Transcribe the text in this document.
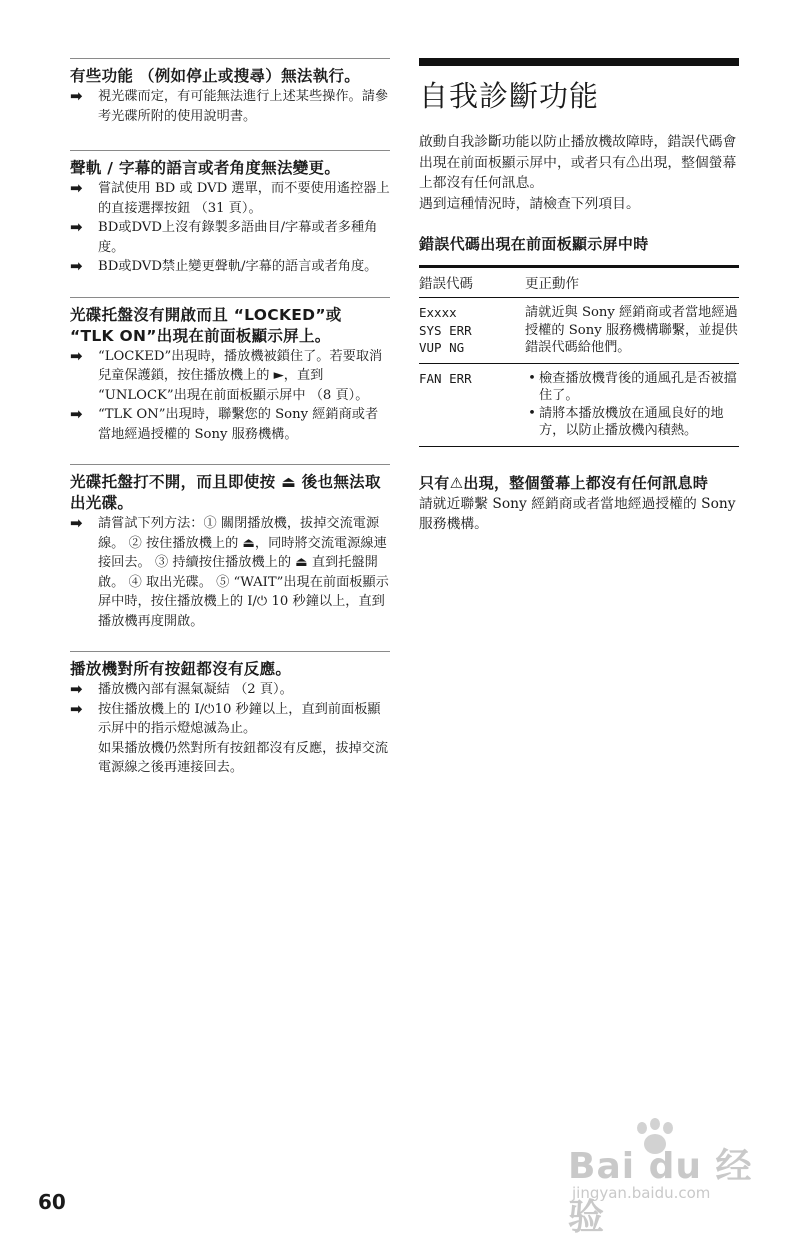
有些功能 （例如停止或搜尋）無法執行。
➡	視光碟而定，有可能無法進行上述某些操作。請參考光碟所附的使用說明書。
聲軌 / 字幕的語言或者角度無法變更。
➡	嘗試使用 BD 或 DVD 選單，而不要使用遙控器上的直接選擇按鈕 （31 頁）。
➡	BD或DVD上沒有錄製多語曲目/字幕或者多種角度。
➡	BD或DVD禁止變更聲軌/字幕的語言或者角度。
光碟托盤沒有開啟而且 “LOCKED”或 “TLK ON”出現在前面板顯示屏上。
➡	“LOCKED”出現時，播放機被鎖住了。若要取消兒童保護鎖，按住播放機上的 ►，直到 “UNLOCK”出現在前面板顯示屏中 （8 頁）。
➡	“TLK ON”出現時，聯繫您的 Sony 經銷商或者當地經過授權的 Sony 服務機構。
光碟托盤打不開，而且即使按 ⏏ 後也無法取出光碟。
➡	請嘗試下列方法：① 關閉播放機，拔掉交流電源線。 ② 按住播放機上的 ⏏，同時將交流電源線連接回去。 ③ 持續按住播放機上的 ⏏ 直到托盤開啟。 ④ 取出光碟。 ⑤ “WAIT”出現在前面板顯示屏中時，按住播放機上的 Ⅰ/⏻ 10 秒鐘以上，直到播放機再度開啟。
播放機對所有按鈕都沒有反應。
➡	播放機內部有濕氣凝結 （2 頁）。
➡	按住播放機上的 Ⅰ/⏻10 秒鐘以上，直到前面板顯示屏中的指示燈熄滅為止。
如果播放機仍然對所有按鈕都沒有反應，拔掉交流電源線之後再連接回去。
自我診斷功能
啟動自我診斷功能以防止播放機故障時，錯誤代碼會出現在前面板顯示屏中，或者只有⚠出現，整個螢幕上都沒有任何訊息。
遇到這種情況時，請檢查下列項目。
錯誤代碼出現在前面板顯示屏中時
錯誤代碼	更正動作

Exxxx
SYS ERR
VUP NG	請就近與 Sony 經銷商或者當地經過授權的 Sony 服務機構聯繫，並提供錯誤代碼給他們。
FAN ERR	• 檢查播放機背後的通風孔是否被擋住了。
• 請將本播放機放在通風良好的地方，以防止播放機內積熱。
只有⚠出現，整個螢幕上都沒有任何訊息時
請就近聯繫 Sony 經銷商或者當地經過授權的 Sony 服務機構。
60
Bai du 经验
jingyan.baidu.com
